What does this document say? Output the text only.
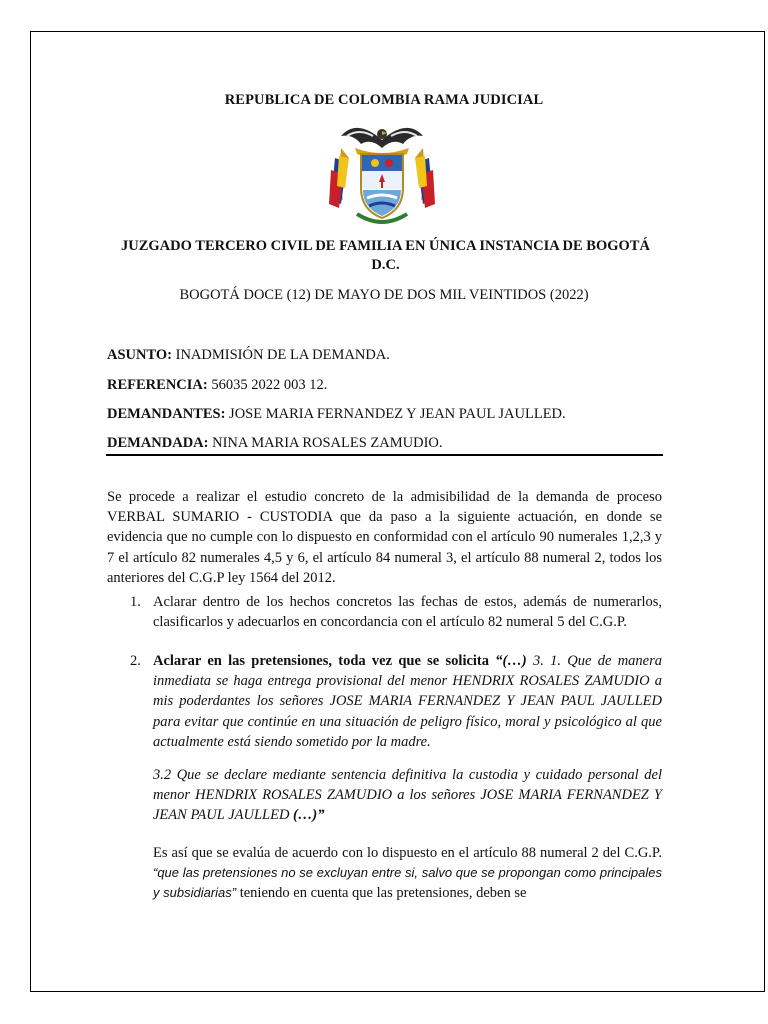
REPUBLICA DE COLOMBIA RAMA JUDICIAL
JUZGADO TERCERO CIVIL DE FAMILIA EN ÚNICA INSTANCIA DE BOGOTÁ D.C.
BOGOTÁ DOCE (12) DE MAYO DE DOS MIL VEINTIDOS (2022)
ASUNTO: INADMISIÓN DE LA DEMANDA.
REFERENCIA: 56035 2022 003 12.
DEMANDANTES: JOSE MARIA FERNANDEZ Y JEAN PAUL JAULLED.
DEMANDADA: NINA MARIA ROSALES ZAMUDIO.
Se procede a realizar el estudio concreto de la admisibilidad de la demanda de proceso VERBAL SUMARIO - CUSTODIA que da paso a la siguiente actuación, en donde se evidencia que no cumple con lo dispuesto en conformidad con el artículo 90 numerales 1,2,3 y 7 el artículo 82 numerales 4,5 y 6, el artículo 84 numeral 3, el artículo 88 numeral 2, todos los anteriores del C.G.P ley 1564 del 2012.
1. Aclarar dentro de los hechos concretos las fechas de estos, además de numerarlos, clasificarlos y adecuarlos en concordancia con el artículo 82 numeral 5 del C.G.P.
2. Aclarar en las pretensiones, toda vez que se solicita “(…) 3. 1. Que de manera inmediata se haga entrega provisional del menor HENDRIX ROSALES ZAMUDIO a mis poderdantes los señores JOSE MARIA FERNANDEZ Y JEAN PAUL JAULLED para evitar que continúe en una situación de peligro físico, moral y psicológico al que actualmente está siendo sometido por la madre.
3.2 Que se declare mediante sentencia definitiva la custodia y cuidado personal del menor HENDRIX ROSALES ZAMUDIO a los señores JOSE MARIA FERNANDEZ Y JEAN PAUL JAULLED (…)”
Es así que se evalúa de acuerdo con lo dispuesto en el artículo 88 numeral 2 del C.G.P. “que las pretensiones no se excluyan entre si, salvo que se propongan como principales y subsidiarias” teniendo en cuenta que las pretensiones, deben se
